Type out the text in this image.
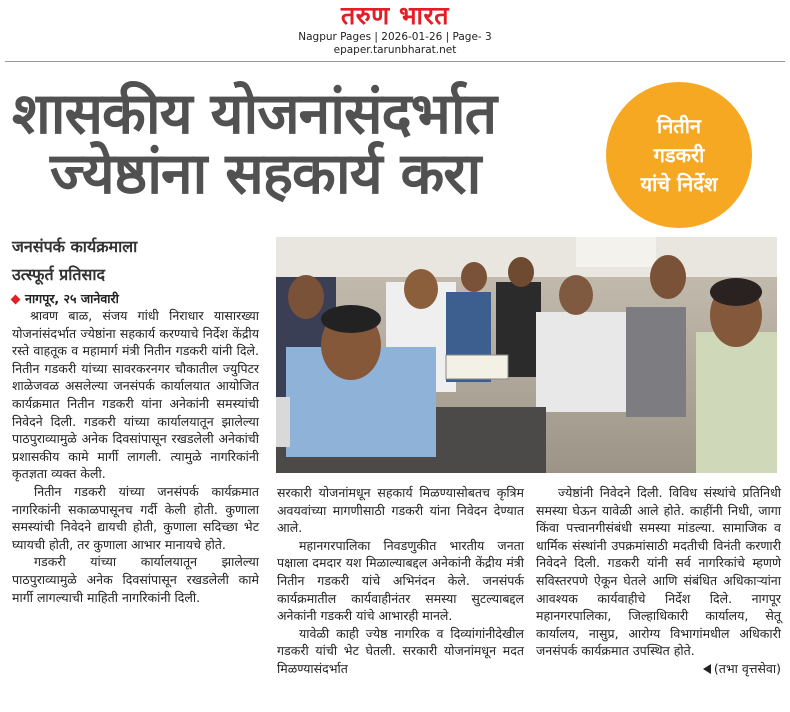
तरुण भारत
Nagpur Pages | 2026-01-26 | Page- 3
epaper.tarunbharat.net
शासकीय योजनांसंदर्भात
ज्येष्ठांना सहकार्य करा
नितीन
गडकरी
यांचे निर्देश
जनसंपर्क कार्यक्रमाला
उत्स्फूर्त प्रतिसाद
नागपूर, २५ जानेवारी

श्रावण बाळ, संजय गांधी निराधार यासारख्या योजनांसंदर्भात ज्येष्ठांना सहकार्य करण्याचे निर्देश केंद्रीय रस्ते वाहतूक व महामार्ग मंत्री नितीन गडकरी यांनी दिले. नितीन गडकरी यांच्या सावरकरनगर चौकातील ज्युपिटर शाळेजवळ असलेल्या जनसंपर्क कार्यालयात आयोजित कार्यक्रमात नितीन गडकरी यांना अनेकांनी समस्यांची निवेदने दिली. गडकरी यांच्या कार्यालयातून झालेल्या पाठपुराव्यामुळे अनेक दिवसांपासून रखडलेली अनेकांची प्रशासकीय कामे मार्गी लागली. त्यामुळे नागरिकांनी कृतज्ञता व्यक्त केली.

नितीन गडकरी यांच्या जनसंपर्क कार्यक्रमात नागरिकांनी सकाळपासूनच गर्दी केली होती. कुणाला समस्यांची निवेदने द्यायची होती, कुणाला सदिच्छा भेट घ्यायची होती, तर कुणाला आभार मानायचे होते.

गडकरी यांच्या कार्यालयातून झालेल्या पाठपुराव्यामुळे अनेक दिवसांपासून रखडलेली कामे मार्गी लागल्याची माहिती नागरिकांनी दिली.

सरकारी योजनांमधून सहकार्य मिळण्यासोबतच कृत्रिम अवयवांच्या मागणीसाठी गडकरी यांना निवेदन देण्यात आले.

महानगरपालिका निवडणुकीत भारतीय जनता पक्षाला दमदार यश मिळाल्याबद्दल अनेकांनी केंद्रीय मंत्री नितीन गडकरी यांचे अभिनंदन केले. जनसंपर्क कार्यक्रमातील कार्यवाहीनंतर समस्या सुटल्याबद्दल अनेकांनी गडकरी यांचे आभारही मानले.

यावेळी काही ज्येष्ठ नागरिक व दिव्यांगांनीदेखील गडकरी यांची भेट घेतली. सरकारी योजनांमधून मदत मिळण्यासंदर्भात

ज्येष्ठांनी निवेदने दिली. विविध संस्थांचे प्रतिनिधी समस्या घेऊन यावेळी आले होते. काहींनी निधी, जागा किंवा पत्त्वानगीसंबंधी समस्या मांडल्या. सामाजिक व धार्मिक संस्थांनी उपक्रमांसाठी मदतीची विनंती करणारी निवेदने दिली. गडकरी यांनी सर्व नागरिकांचे म्हणणे सविस्तरपणे ऐकून घेतले आणि संबंधित अधिकाऱ्यांना आवश्यक कार्यवाहीचे निर्देश दिले. नागपूर महानगरपालिका, जिल्हाधिकारी कार्यालय, सेतू कार्यालय, नासुप्र, आरोग्य विभागांमधील अधिकारी जनसंपर्क कार्यक्रमात उपस्थित होते.
(तभा वृत्तसेवा)
